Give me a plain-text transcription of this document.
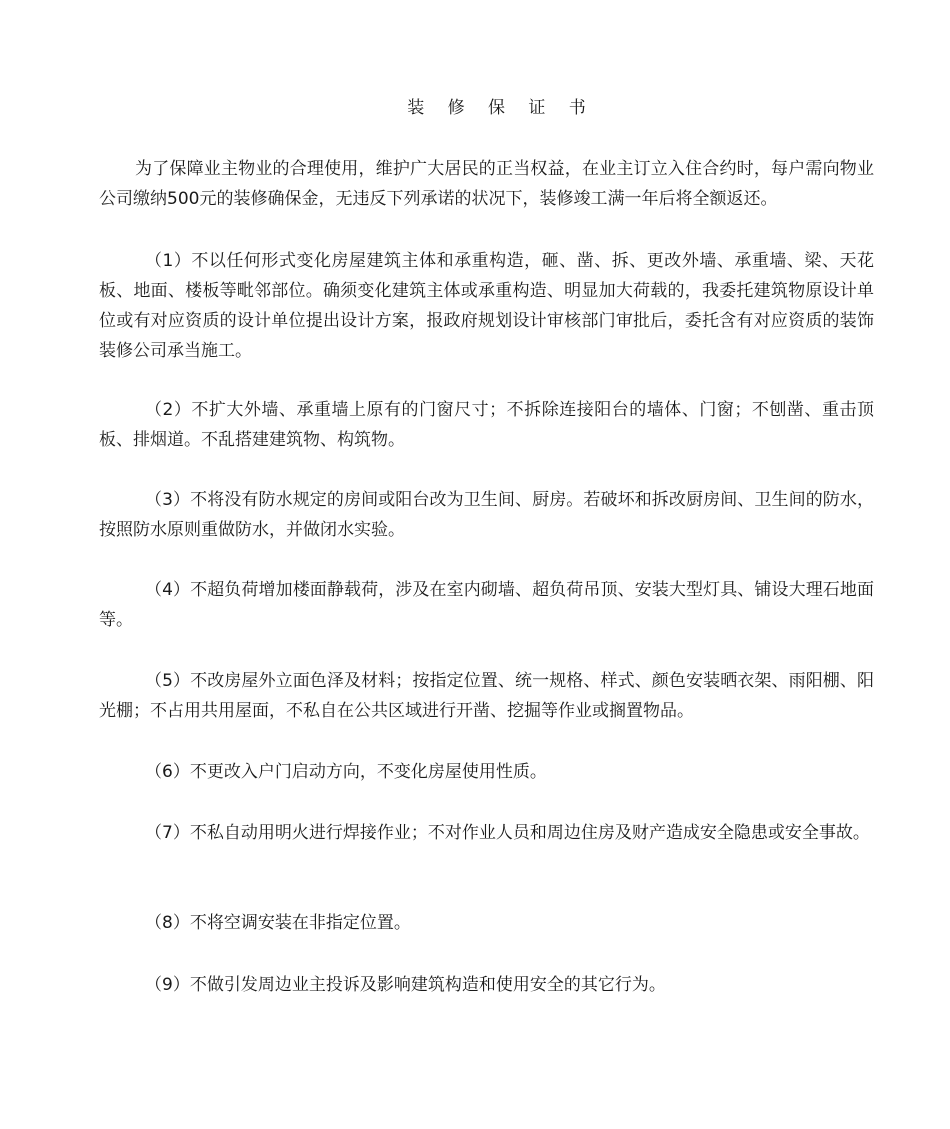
装 修 保 证 书

为了保障业主物业的合理使用，维护广大居民的正当权益，在业主订立入住合约时，每户需向物业公司缴纳500元的装修确保金，无违反下列承诺的状况下，装修竣工满一年后将全额返还。

（1）不以任何形式变化房屋建筑主体和承重构造，砸、凿、拆、更改外墙、承重墙、梁、天花板、地面、楼板等毗邻部位。确须变化建筑主体或承重构造、明显加大荷载的，我委托建筑物原设计单位或有对应资质的设计单位提出设计方案，报政府规划设计审核部门审批后，委托含有对应资质的装饰装修公司承当施工。

（2）不扩大外墙、承重墙上原有的门窗尺寸；不拆除连接阳台的墙体、门窗；不刨凿、重击顶板、排烟道。不乱搭建建筑物、构筑物。

（3）不将没有防水规定的房间或阳台改为卫生间、厨房。若破坏和拆改厨房间、卫生间的防水，按照防水原则重做防水，并做闭水实验。

（4）不超负荷增加楼面静载荷，涉及在室内砌墙、超负荷吊顶、安装大型灯具、铺设大理石地面等。

（5）不改房屋外立面色泽及材料；按指定位置、统一规格、样式、颜色安装晒衣架、雨阳棚、阳光棚；不占用共用屋面，不私自在公共区域进行开凿、挖掘等作业或搁置物品。

（6）不更改入户门启动方向，不变化房屋使用性质。

（7）不私自动用明火进行焊接作业；不对作业人员和周边住房及财产造成安全隐患或安全事故。

（8）不将空调安装在非指定位置。

（9）不做引发周边业主投诉及影响建筑构造和使用安全的其它行为。
